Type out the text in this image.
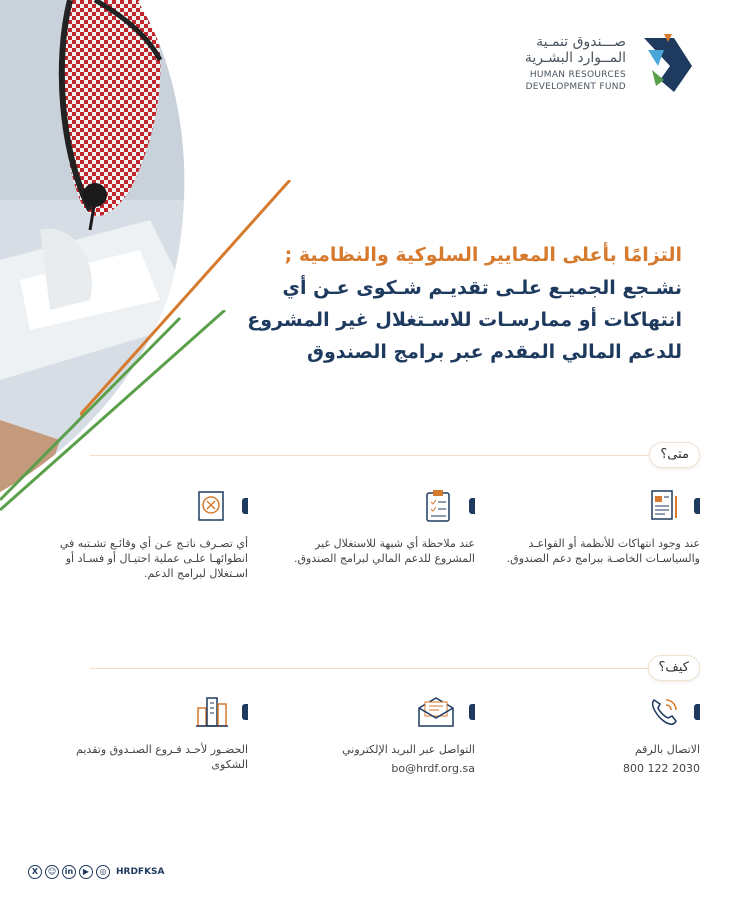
صـــندوق تنمـية
المــوارد البشـرية
HUMAN RESOURCES
DEVELOPMENT FUND
التزامًا بأعلى المعايير السلوكية والنظامية ;
نشـجع الجميـع علـى تقديـم شـكوى عـن أي
انتهاكات أو ممارسـات للاسـتغلال غير المشروع
للدعم المالي المقدم عبر برامج الصندوق
متى؟
عند وجود انتهاكات للأنظمة أو القواعـد والسياسـات الخاصـة ببرامج دعم الصندوق.
عند ملاحظة أي شبهة للاستغلال غير المشروع للدعم المالي لبرامج الصندوق.
أي تصـرف ناتـج عـن أي وقائـع تشـتبه في انطوائهـا علـى عملية احتيـال أو فسـاد أو اسـتغلال لبرامج الدعم.
كيف؟
الاتصال بالرقم
800 122 2030
التواصل عبر البريد الإلكتروني
bo@hrdf.org.sa
الحضـور لأحـد فـروع الصنـدوق وتقديم الشكوى
X	☺	in	▶	◎	HRDFKSA
